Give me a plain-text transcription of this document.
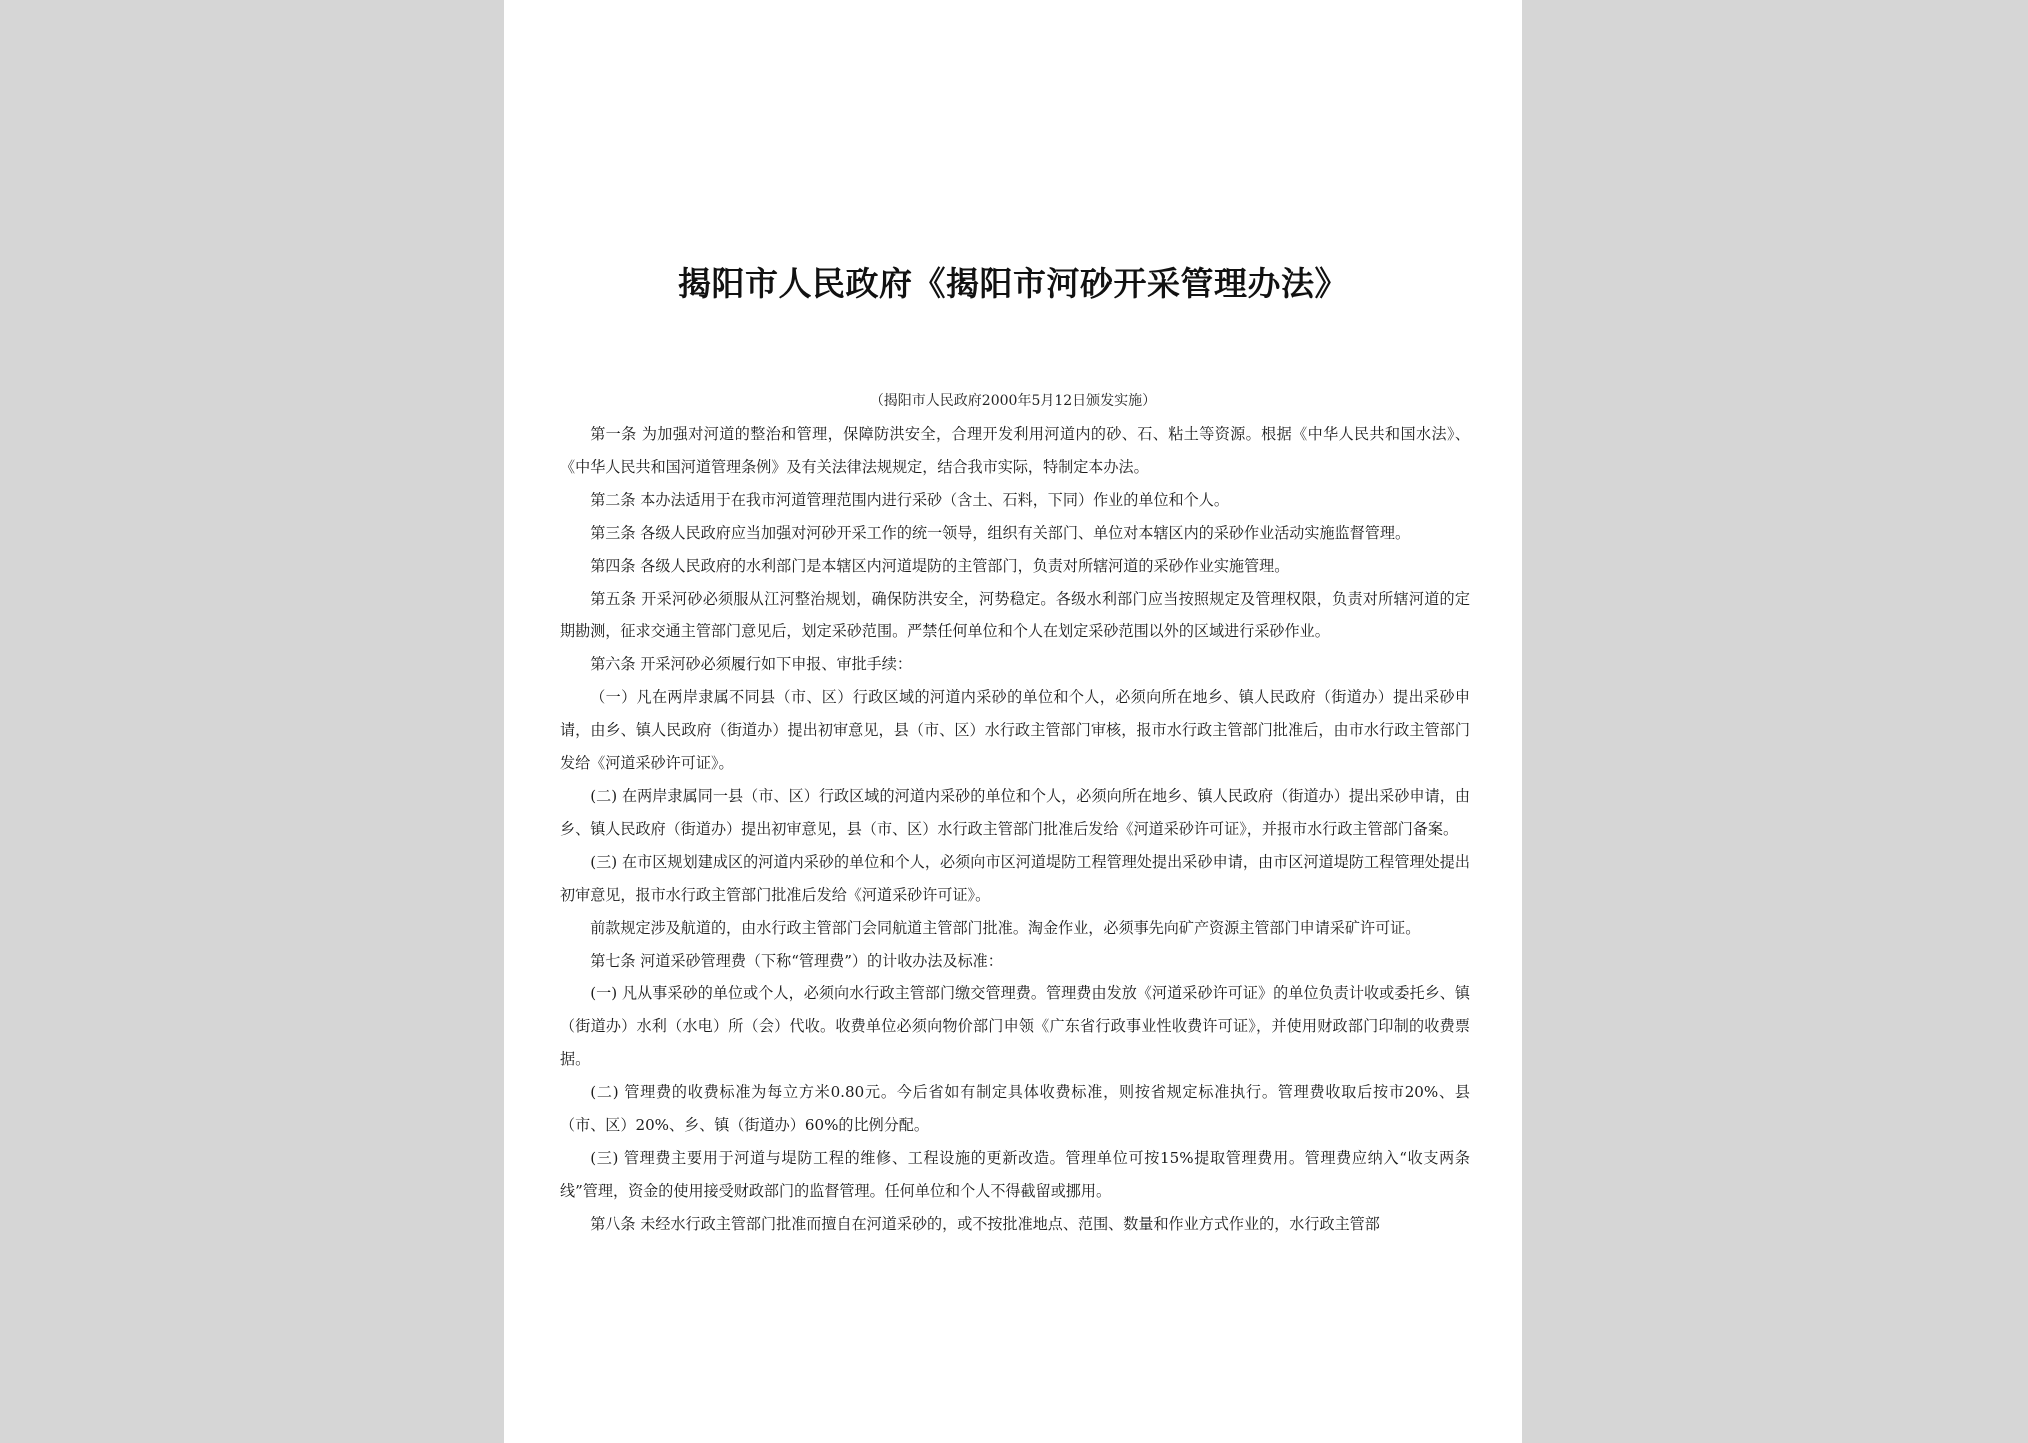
揭阳市人民政府《揭阳市河砂开采管理办法》
（揭阳市人民政府2000年5月12日颁发实施）

第一条 为加强对河道的整治和管理，保障防洪安全，合理开发利用河道内的砂、石、粘土等资源。根据《中华人民共和国水法》、《中华人民共和国河道管理条例》及有关法律法规规定，结合我市实际，特制定本办法。

第二条 本办法适用于在我市河道管理范围内进行采砂（含土、石料，下同）作业的单位和个人。

第三条 各级人民政府应当加强对河砂开采工作的统一领导，组织有关部门、单位对本辖区内的采砂作业活动实施监督管理。

第四条 各级人民政府的水利部门是本辖区内河道堤防的主管部门，负责对所辖河道的采砂作业实施管理。

第五条 开采河砂必须服从江河整治规划，确保防洪安全，河势稳定。各级水利部门应当按照规定及管理权限，负责对所辖河道的定期勘测，征求交通主管部门意见后，划定采砂范围。严禁任何单位和个人在划定采砂范围以外的区域进行采砂作业。

第六条 开采河砂必须履行如下申报、审批手续：

（一）凡在两岸隶属不同县（市、区）行政区域的河道内采砂的单位和个人，必须向所在地乡、镇人民政府（街道办）提出采砂申请，由乡、镇人民政府（街道办）提出初审意见，县（市、区）水行政主管部门审核，报市水行政主管部门批准后，由市水行政主管部门发给《河道采砂许可证》。

(二) 在两岸隶属同一县（市、区）行政区域的河道内采砂的单位和个人，必须向所在地乡、镇人民政府（街道办）提出采砂申请，由乡、镇人民政府（街道办）提出初审意见，县（市、区）水行政主管部门批准后发给《河道采砂许可证》，并报市水行政主管部门备案。

(三) 在市区规划建成区的河道内采砂的单位和个人，必须向市区河道堤防工程管理处提出采砂申请，由市区河道堤防工程管理处提出初审意见，报市水行政主管部门批准后发给《河道采砂许可证》。

前款规定涉及航道的，由水行政主管部门会同航道主管部门批准。淘金作业，必须事先向矿产资源主管部门申请采矿许可证。

第七条 河道采砂管理费（下称“管理费”）的计收办法及标准：

(一) 凡从事采砂的单位或个人，必须向水行政主管部门缴交管理费。管理费由发放《河道采砂许可证》的单位负责计收或委托乡、镇（街道办）水利（水电）所（会）代收。收费单位必须向物价部门申领《广东省行政事业性收费许可证》，并使用财政部门印制的收费票据。

(二) 管理费的收费标准为每立方米0.80元。今后省如有制定具体收费标准，则按省规定标准执行。管理费收取后按市20%、县（市、区）20%、乡、镇（街道办）60%的比例分配。

(三) 管理费主要用于河道与堤防工程的维修、工程设施的更新改造。管理单位可按15%提取管理费用。管理费应纳入“收支两条线”管理，资金的使用接受财政部门的监督管理。任何单位和个人不得截留或挪用。

第八条 未经水行政主管部门批准而擅自在河道采砂的，或不按批准地点、范围、数量和作业方式作业的，水行政主管部
